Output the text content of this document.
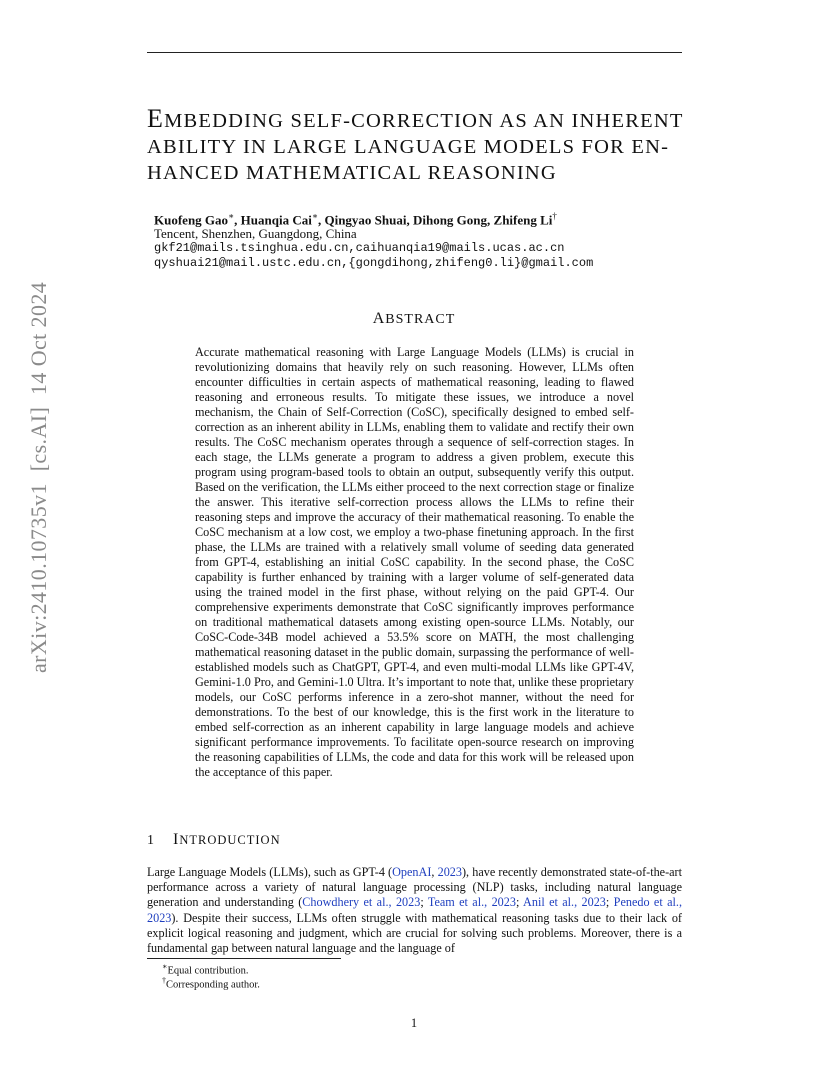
arXiv:2410.10735v1  [cs.AI]  14 Oct 2024
EMBEDDING SELF-CORRECTION AS AN INHERENT
ABILITY IN LARGE LANGUAGE MODELS FOR EN-
HANCED MATHEMATICAL REASONING
Kuofeng Gao∗, Huanqia Cai∗, Qingyao Shuai, Dihong Gong, Zhifeng Li†
Tencent, Shenzhen, Guangdong, China
gkf21@mails.tsinghua.edu.cn,caihuanqia19@mails.ucas.ac.cn
qyshuai21@mail.ustc.edu.cn,{gongdihong,zhifeng0.li}@gmail.com
ABSTRACT

Accurate mathematical reasoning with Large Language Models (LLMs) is crucial in revolutionizing domains that heavily rely on such reasoning. However, LLMs often encounter difficulties in certain aspects of mathematical reasoning, leading to flawed reasoning and erroneous results. To mitigate these issues, we introduce a novel mechanism, the Chain of Self-Correction (CoSC), specifically designed to embed self-correction as an inherent ability in LLMs, enabling them to validate and rectify their own results. The CoSC mechanism operates through a sequence of self-correction stages. In each stage, the LLMs generate a program to address a given problem, execute this program using program-based tools to obtain an output, subsequently verify this output. Based on the verification, the LLMs either proceed to the next correction stage or finalize the answer. This iterative self-correction process allows the LLMs to refine their reasoning steps and improve the accuracy of their mathematical reasoning. To enable the CoSC mechanism at a low cost, we employ a two-phase finetuning approach. In the first phase, the LLMs are trained with a relatively small volume of seeding data generated from GPT-4, establishing an initial CoSC capability. In the second phase, the CoSC capability is further enhanced by training with a larger volume of self-generated data using the trained model in the first phase, without relying on the paid GPT-4. Our comprehensive experiments demonstrate that CoSC significantly improves performance on traditional mathematical datasets among existing open-source LLMs. Notably, our CoSC-Code-34B model achieved a 53.5% score on MATH, the most challenging mathematical reasoning dataset in the public domain, surpassing the performance of well-established models such as ChatGPT, GPT-4, and even multi-modal LLMs like GPT-4V, Gemini-1.0 Pro, and Gemini-1.0 Ultra. It’s important to note that, unlike these proprietary models, our CoSC performs inference in a zero-shot manner, without the need for demonstrations. To the best of our knowledge, this is the first work in the literature to embed self-correction as an inherent capability in large language models and achieve significant performance improvements. To facilitate open-source research on improving the reasoning capabilities of LLMs, the code and data for this work will be released upon the acceptance of this paper.

1 INTRODUCTION

Large Language Models (LLMs), such as GPT-4 (OpenAI, 2023), have recently demonstrated state-of-the-art performance across a variety of natural language processing (NLP) tasks, including natural language generation and understanding (Chowdhery et al., 2023; Team et al., 2023; Anil et al., 2023; Penedo et al., 2023). Despite their success, LLMs often struggle with mathematical reasoning tasks due to their lack of explicit logical reasoning and judgment, which are crucial for solving such problems. Moreover, there is a fundamental gap between natural language and the language of

∗Equal contribution.
†Corresponding author.
1
